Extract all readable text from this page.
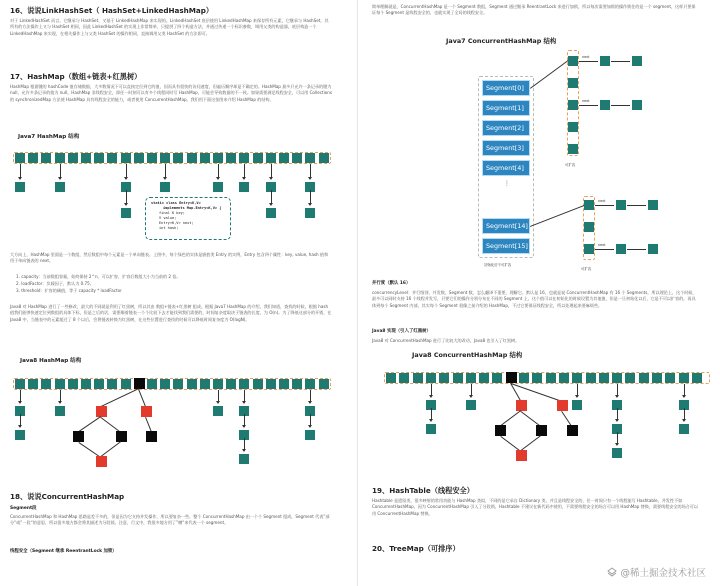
16、说说LinkHashSet（ HashSet+LinkedHashMap）
对于 LinkedHashSet 而言，它继承与 HashSet、又基于 LinkedHashMap 来实现的。LinkedHashSet 底层使用 LinkedHashMap 来保存所有元素，它继承与 HashSet，其所有的方法操作上又与 HashSet 相同，因此 LinkedHashSet 的实现上非常简单，只提供了四个构造方法，并通过传递一个标识参数，调用父类的构造器，底层构造一个 LinkedHashMap 来实现，在相关操作上与父类 HashSet 的操作相同，直接调用父类 HashSet 的方法即可。
17、HashMap（数组+链表+红黑树）
HashMap 根据键的 hashCode 值存储数据，大多数情况下可以直接定位到它的值，因而具有很快的访问速度，但遍历顺序却是不确定的。HashMap 最多只允许一条记录的键为 null，允许多条记录的值为 null。HashMap 非线程安全，即任一时刻可以有多个线程同时写 HashMap，可能会导致数据的不一致。如果需要满足线程安全，可以用 Collections 的 synchronizedMap 方法使 HashMap 具有线程安全的能力，或者使用 ConcurrentHashMap。我们用下面这张图来介绍 HashMap 的结构。
Java7 HashMap 结构
static class Entry<K,V>
implements Map.Entry<K,V> {
final K key;
V value;
Entry<K,V> next;
int hash;
大方向上，HashMap 里面是一个数组，然后数组中每个元素是一个单向链表。上图中，每个绿色的实体是嵌套类 Entry 的实例，Entry 包含四个属性：key, value, hash 值和用于单向链表的 next。
1. capacity：当前数组容量，始终保持 2^n，可以扩容，扩容后数组大小为当前的 2 倍。
2. loadFactor：负载因子，默认为 0.75。
3. threshold：扩容的阈值，等于 capacity * loadFactor
Java8 对 HashMap 进行了一些修改，最大的不同就是利用了红黑树，所以其由 数组+链表+红黑树 组成。根据 Java7 HashMap 的介绍，我们知道，查找的时候，根据 hash 值我们能够快速定位到数组的具体下标，但是之后的话，需要顺着链表一个个比较下去才能找到我们需要的，时间复杂度取决于链表的长度，为 O(n)。为了降低这部分的开销，在 Java8 中，当链表中的元素超过了 8 个以后，会将链表转换为红黑树，在这些位置进行查找的时候可以降低时间复杂度为 O(logN)。
Java8 HashMap 结构
18、说说ConcurrentHashMap
Segment段
ConcurrentHashMap 和 HashMap 思路是差不多的，但是因为它支持并发操作，所以要复杂一些。整个 ConcurrentHashMap 由一个个 Segment 组成，Segment 代表”部分“或”一段“的意思，所以很多地方都会将其描述为分段锁。注意，行文中，我很多地方用了”槽“来代表一个 segment。
线程安全（Segment 继承 ReentrantLock 加锁）
简单理解就是，ConcurrentHashMap 是一个 Segment 数组，Segment 通过继承 ReentrantLock 来进行加锁，所以每次需要加锁的操作锁住的是一个 segment，这样只要保证每个 Segment 是线程安全的，也就实现了全局的线程安全。
Java7 ConcurrentHashMap 结构
初始化后不可扩容
并行度（默认 16）
concurrencyLevel：并行级别、并发数、Segment 数，怎么翻译不重要，理解它。默认是 16，也就是说 ConcurrentHashMap 有 16 个 Segments，所以理论上，这个时候，最多可以同时支持 16 个线程并发写，只要它们的操作分别分布在不同的 Segment 上。这个值可以在初始化的时候设置为其他值，但是一旦初始化以后，它是不可以扩容的。再具体到每个 Segment 内部，其实每个 Segment 很像之前介绍的 HashMap，不过它要保证线程安全，所以处理起来要麻烦些。
Java8 实现（引入了红黑树）
Java8 对 ConcurrentHashMap 进行了比较大的改动，Java8 也引入了红黑树。
Java8 ConcurrentHashMap 结构
19、HashTable（线程安全）
Hashtable 是遗留类，很多映射的常用功能与 HashMap 类似，不同的是它承自 Dictionary 类，并且是线程安全的，任一时间只有一个线程能写 Hashtable，并发性不如 ConcurrentHashMap，因为 ConcurrentHashMap 引入了分段锁。Hashtable 不建议在新代码中使用，不需要线程安全的场合可以用 HashMap 替换，需要线程安全的场合可以用 ConcurrentHashMap 替换。
20、TreeMap（可排序）
Segment[0]
Segment[1]
Segment[2]
Segment[3]
Segment[4]
⋮
Segment[14]
Segment[15]
可扩容
可扩容
next
next
next
next
@稀土掘金技术社区
